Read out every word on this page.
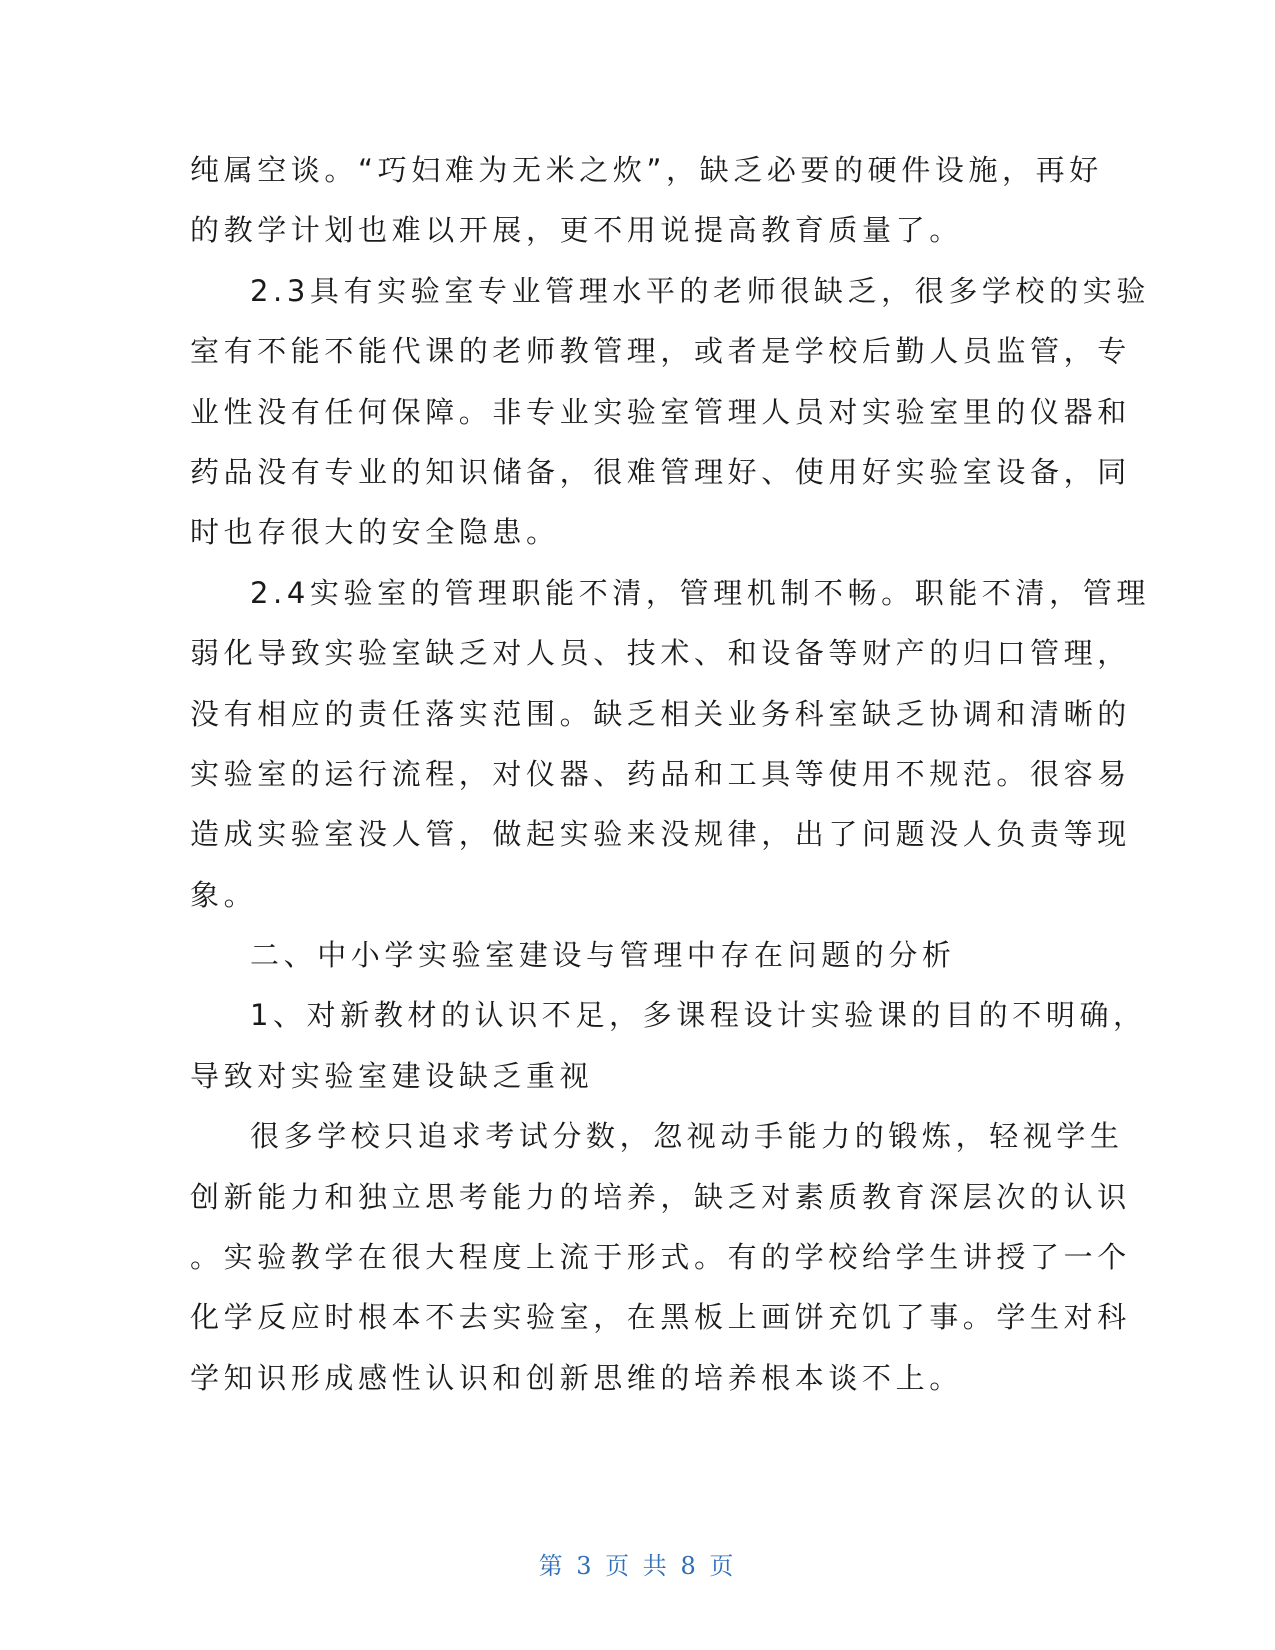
纯属空谈。“巧妇难为无米之炊”，缺乏必要的硬件设施，再好
的教学计划也难以开展，更不用说提高教育质量了。
2.3具有实验室专业管理水平的老师很缺乏，很多学校的实验
室有不能不能代课的老师教管理，或者是学校后勤人员监管，专
业性没有任何保障。非专业实验室管理人员对实验室里的仪器和
药品没有专业的知识储备，很难管理好、使用好实验室设备，同
时也存很大的安全隐患。
2.4实验室的管理职能不清，管理机制不畅。职能不清，管理
弱化导致实验室缺乏对人员、技术、和设备等财产的归口管理，
没有相应的责任落实范围。缺乏相关业务科室缺乏协调和清晰的
实验室的运行流程，对仪器、药品和工具等使用不规范。很容易
造成实验室没人管，做起实验来没规律，出了问题没人负责等现
象。
二、中小学实验室建设与管理中存在问题的分析
1、对新教材的认识不足，多课程设计实验课的目的不明确，
导致对实验室建设缺乏重视
很多学校只追求考试分数，忽视动手能力的锻炼，轻视学生
创新能力和独立思考能力的培养，缺乏对素质教育深层次的认识
。实验教学在很大程度上流于形式。有的学校给学生讲授了一个
化学反应时根本不去实验室，在黑板上画饼充饥了事。学生对科
学知识形成感性认识和创新思维的培养根本谈不上。
第 3 页 共 8 页
